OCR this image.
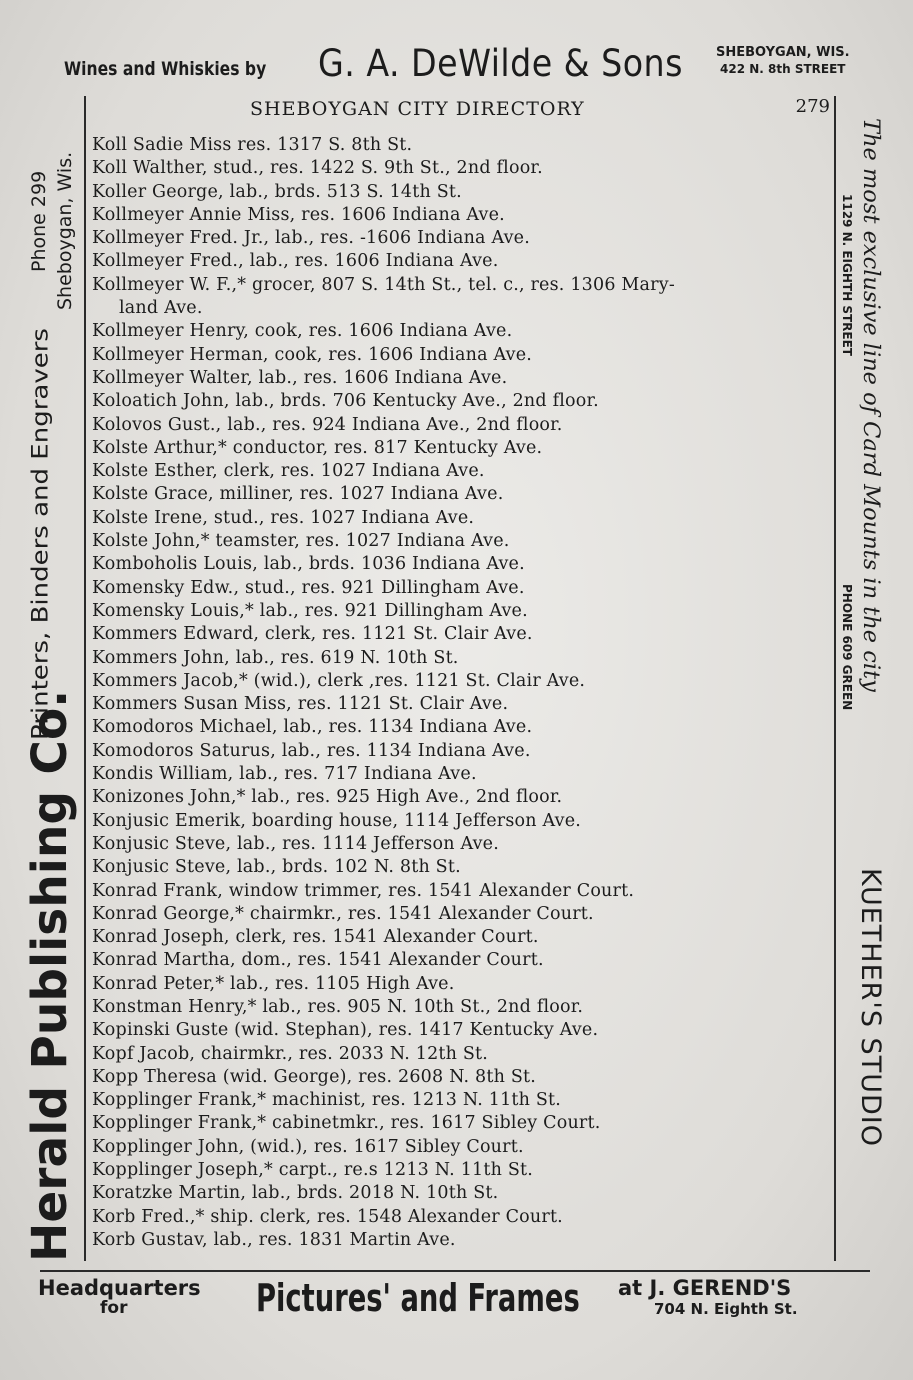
Wines and Whiskies by G. A. DeWilde & Sons	SHEBOYGAN, WIS.
422 N. 8th STREET
SHEBOYGAN CITY DIRECTORY	279
Koll Sadie Miss res. 1317 S. 8th St.
Koll Walther, stud., res. 1422 S. 9th St., 2nd floor.
Koller George, lab., brds. 513 S. 14th St.
Kollmeyer Annie Miss, res. 1606 Indiana Ave.
Kollmeyer Fred. Jr., lab., res. -1606 Indiana Ave.
Kollmeyer Fred., lab., res. 1606 Indiana Ave.
Kollmeyer W. F.,* grocer, 807 S. 14th St., tel. c., res. 1306 Mary-
land Ave.
Kollmeyer Henry, cook, res. 1606 Indiana Ave.
Kollmeyer Herman, cook, res. 1606 Indiana Ave.
Kollmeyer Walter, lab., res. 1606 Indiana Ave.
Koloatich John, lab., brds. 706 Kentucky Ave., 2nd floor.
Kolovos Gust., lab., res. 924 Indiana Ave., 2nd floor.
Kolste Arthur,* conductor, res. 817 Kentucky Ave.
Kolste Esther, clerk, res. 1027 Indiana Ave.
Kolste Grace, milliner, res. 1027 Indiana Ave.
Kolste Irene, stud., res. 1027 Indiana Ave.
Kolste John,* teamster, res. 1027 Indiana Ave.
Komboholis Louis, lab., brds. 1036 Indiana Ave.
Komensky Edw., stud., res. 921 Dillingham Ave.
Komensky Louis,* lab., res. 921 Dillingham Ave.
Kommers Edward, clerk, res. 1121 St. Clair Ave.
Kommers John, lab., res. 619 N. 10th St.
Kommers Jacob,* (wid.), clerk ,res. 1121 St. Clair Ave.
Kommers Susan Miss, res. 1121 St. Clair Ave.
Komodoros Michael, lab., res. 1134 Indiana Ave.
Komodoros Saturus, lab., res. 1134 Indiana Ave.
Kondis William, lab., res. 717 Indiana Ave.
Konizones John,* lab., res. 925 High Ave., 2nd floor.
Konjusic Emerik, boarding house, 1114 Jefferson Ave.
Konjusic Steve, lab., res. 1114 Jefferson Ave.
Konjusic Steve, lab., brds. 102 N. 8th St.
Konrad Frank, window trimmer, res. 1541 Alexander Court.
Konrad George,* chairmkr., res. 1541 Alexander Court.
Konrad Joseph, clerk, res. 1541 Alexander Court.
Konrad Martha, dom., res. 1541 Alexander Court.
Konrad Peter,* lab., res. 1105 High Ave.
Konstman Henry,* lab., res. 905 N. 10th St., 2nd floor.
Kopinski Guste (wid. Stephan), res. 1417 Kentucky Ave.
Kopf Jacob, chairmkr., res. 2033 N. 12th St.
Kopp Theresa (wid. George), res. 2608 N. 8th St.
Kopplinger Frank,* machinist, res. 1213 N. 11th St.
Kopplinger Frank,* cabinetmkr., res. 1617 Sibley Court.
Kopplinger John, (wid.), res. 1617 Sibley Court.
Kopplinger Joseph,* carpt., re.s 1213 N. 11th St.
Koratzke Martin, lab., brds. 2018 N. 10th St.
Korb Fred.,* ship. clerk, res. 1548 Alexander Court.
Korb Gustav, lab., res. 1831 Martin Ave.
Phone 299 Sheboygan, Wis.
Printers, Binders and Engravers
Herald Publishing Co.
The most exclusive line of Card Mounts in the city
1129 N. EIGHTH STREET
PHONE 609 GREEN
KUETHER'S STUDIO
Headquarters
for	Pictures' and Frames at J. GEREND'S
704 N. Eighth St.
